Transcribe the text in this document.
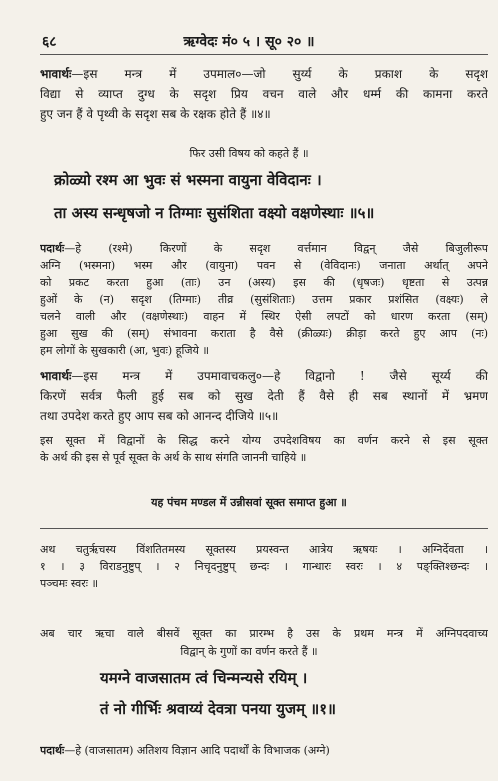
६८	ऋग्वेदः मं० ५ । सू० २० ॥
भावार्थः—इस मन्त्र में उपमाल०—जो सुर्य्य के प्रकाश के सदृश
विद्या से व्याप्त दुग्ध के सदृश प्रिय वचन वाले और धर्म्म की कामना करते
हुए जन हैं वे पृथ्वी के सदृश सब के रक्षक होते हैं ॥४॥
फिर उसी विषय को कहते हैं ॥
क्रोळ्यो रश्म आ भुवः सं भस्मना वायुना वेविदानः ।
ता अस्य सन्धृषजो न तिग्माः सुसंशिता वक्ष्यो वक्षणेस्थाः ॥५॥
पदार्थः—हे (रश्मे) किरणों के सदृश वर्त्तमान विद्वन् जैसे बिजुलीरूप
अग्नि (भस्मना) भस्म और (वायुना) पवन से (वेविदानः) जनाता अर्थात् अपने
को प्रकट करता हुआ (ताः) उन (अस्य) इस की (धृषजः) धृष्टता से उत्पन्न
हुओं के (न) सदृश (तिग्माः) तीव्र (सुसंशिताः) उत्तम प्रकार प्रशंसित (वक्ष्यः) ले
चलने वाली और (वक्षणेस्थाः) वाहन में स्थिर ऐसी लपटों को धारण करता (सम्)
हुआ सुख की (सम्) संभावना कराता है वैसे (क्रीळ्यः) क्रीड़ा करते हुए आप (नः)
हम लोगों के सुखकारी (आ, भुवः) हूजिये ॥
भावार्थः—इस मन्त्र में उपमावाचकलु०—हे विद्वानो ! जैसे सूर्य्य की
किरणें सर्वत्र फैली हुई सब को सुख देती हैं वैसे ही सब स्थानों में भ्रमण
तथा उपदेश करते हुए आप सब को आनन्द दीजिये ॥५॥
इस सूक्त में विद्वानों के सिद्ध करने योग्य उपदेशविषय का वर्णन करने से इस सूक्त
के अर्थ की इस से पूर्व सूक्त के अर्थ के साथ संगति जाननी चाहिये ॥
यह पंचम मण्डल में उन्नीसवां सूक्त समाप्त हुआ ॥
अथ चतुर्ऋचस्य विंशतितमस्य सूक्तस्य प्रयस्वन्त आत्रेय ऋषयः । अग्निर्देवता ।
१ । ३ विराडनुष्टुप् । २ निचृदनुष्टुप् छन्दः । गान्धारः स्वरः । ४ पङ्क्तिश्छन्दः ।
पञ्चमः स्वरः ॥
अब चार ऋचा वाले बीसवें सूक्त का प्रारम्भ है उस के प्रथम मन्त्र में अग्निपदवाच्य
विद्वान् के गुणों का वर्णन करते हैं ॥
यमग्ने वाजसातम त्वं चिन्मन्यसे रयिम् ।
तं नो गीर्भिः श्रवाय्यं देवत्रा पनया युजम् ॥१॥
पदार्थः—हे (वाजसातम) अतिशय विज्ञान आदि पदार्थों के विभाजक (अग्ने)
